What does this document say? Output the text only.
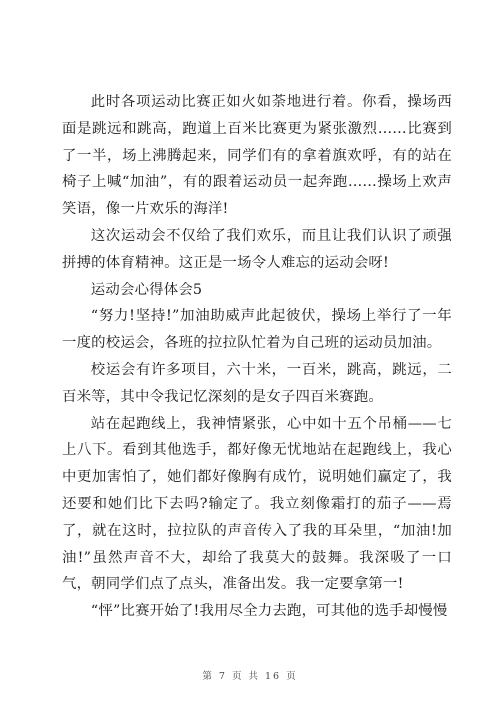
此时各项运动比赛正如火如荼地进行着。你看，操场西面是跳远和跳高，跑道上百米比赛更为紧张激烈……比赛到了一半，场上沸腾起来，同学们有的拿着旗欢呼，有的站在椅子上喊“加油”，有的跟着运动员一起奔跑……操场上欢声笑语，像一片欢乐的海洋!

这次运动会不仅给了我们欢乐，而且让我们认识了顽强拼搏的体育精神。这正是一场令人难忘的运动会呀!

运动会心得体会5

“努力!坚持!”加油助威声此起彼伏，操场上举行了一年一度的校运会，各班的拉拉队忙着为自己班的运动员加油。

校运会有许多项目，六十米，一百米，跳高，跳远，二百米等，其中令我记忆深刻的是女子四百米赛跑。

站在起跑线上，我神情紧张，心中如十五个吊桶——七上八下。看到其他选手，都好像无忧地站在起跑线上，我心中更加害怕了，她们都好像胸有成竹，说明她们赢定了，我还要和她们比下去吗?输定了。我立刻像霜打的茄子——焉了，就在这时，拉拉队的声音传入了我的耳朵里，“加油!加油!”虽然声音不大，却给了我莫大的鼓舞。我深吸了一口气，朝同学们点了点头，准备出发。我一定要拿第一!

“怦”比赛开始了!我用尽全力去跑，可其他的选手却慢慢

第 7 页 共 16 页
